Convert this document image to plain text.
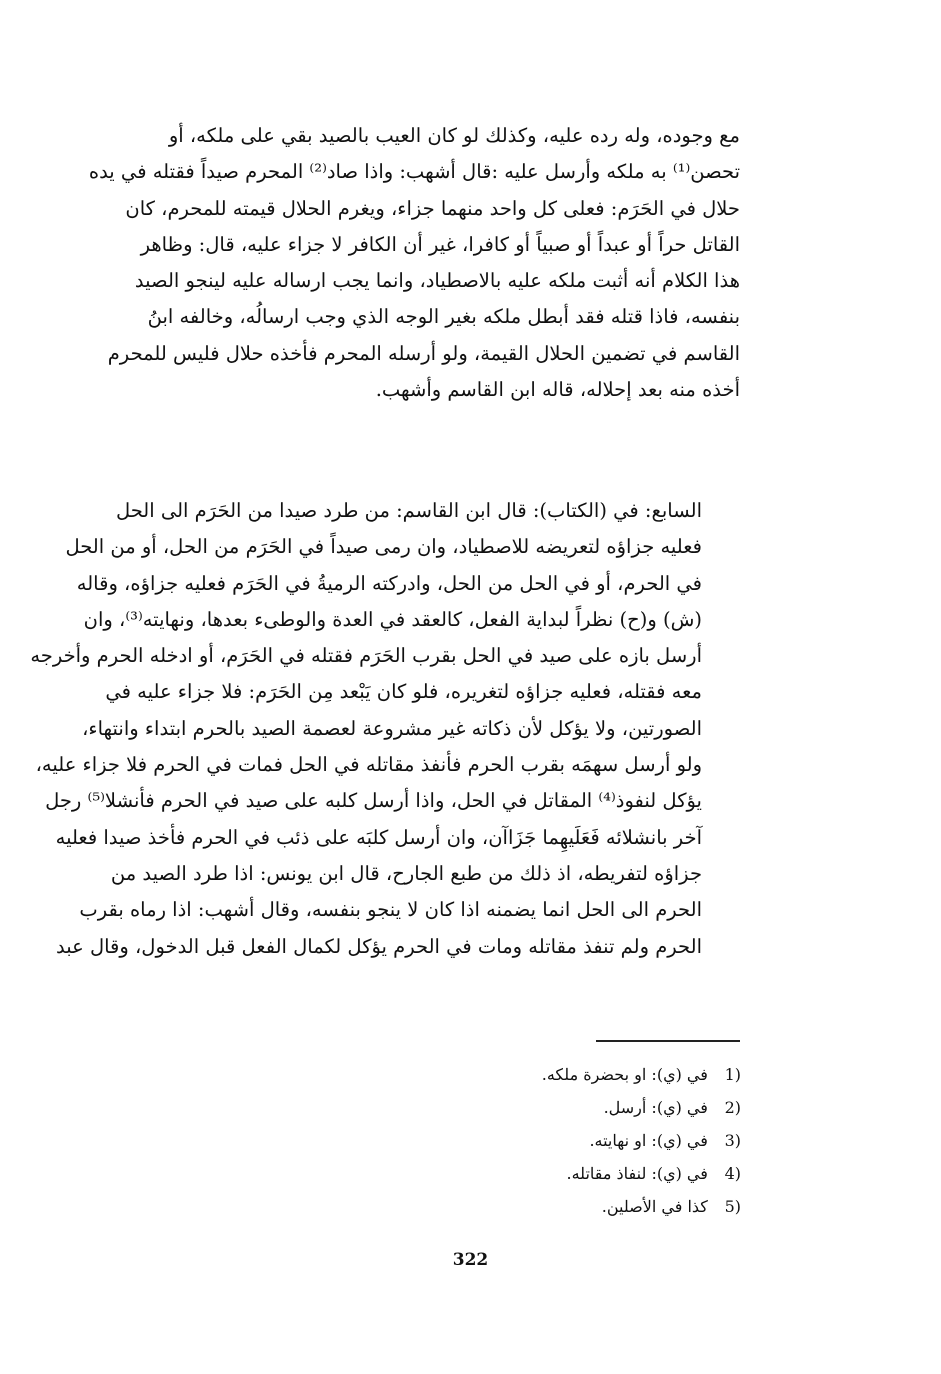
مع وجوده، وله رده عليه، وكذلك لو كان العيب بالصيد بقي على ملكه، أو
تحصن⁽¹⁾ به ملكه وأرسل عليه :قال أشهب: واذا صاد⁽²⁾ المحرم صيداً فقتله في يده
حلال في الحَرَم: فعلى كل واحد منهما جزاء، ويغرم الحلال قيمته للمحرم، كان
القاتل حراً أو عبداً أو صبياً أو كافرا، غير أن الكافر لا جزاء عليه، قال: وظاهر
هذا الكلام أنه أثبت ملكه عليه بالاصطياد، وانما يجب ارساله عليه لينجو الصيد
بنفسه، فاذا قتله فقد أبطل ملكه بغير الوجه الذي وجب ارسالُه، وخالفه ابنُ
القاسم في تضمين الحلال القيمة، ولو أرسله المحرم فأخذه حلال فليس للمحرم
أخذه منه بعد إحلاله، قاله ابن القاسم وأشهب.

السابع: في (الكتاب): قال ابن القاسم: من طرد صيدا من الحَرَم الى الحل
فعليه جزاؤه لتعريضه للاصطياد، وان رمى صيداً في الحَرَم من الحل، أو من الحل
في الحرم، أو في الحل من الحل، وادركته الرميةُ في الحَرَم فعليه جزاؤه، وقاله
(ش) و(ح) نظراً لبداية الفعل، كالعقد في العدة والوطىء بعدها، ونهايته⁽³⁾، وان
أرسل بازه على صيد في الحل بقرب الحَرَم فقتله في الحَرَم، أو ادخله الحرم وأخرجه
معه فقتله، فعليه جزاؤه لتغريره، فلو كان يَبْعد مِن الحَرَم: فلا جزاء عليه في
الصورتين، ولا يؤكل لأن ذكاته غير مشروعة لعصمة الصيد بالحرم ابتداء وانتهاء،
ولو أرسل سهمَه بقرب الحرم فأنفذ مقاتله في الحل فمات في الحرم فلا جزاء عليه،
يؤكل لنفوذ⁽⁴⁾ المقاتل في الحل، واذا أرسل كلبه على صيد في الحرم فأنشلا⁽⁵⁾ رجل
آخر بانشلائه فَعَلَيهِما جَزَاآن، وان أرسل كلبَه على ذئب في الحرم فأخذ صيدا فعليه
جزاؤه لتفريطه، اذ ذلك من طبع الجارح، قال ابن يونس: اذا طرد الصيد من
الحرم الى الحل انما يضمنه اذا كان لا ينجو بنفسه، وقال أشهب: اذا رماه بقرب
الحرم ولم تنفذ مقاتله ومات في الحرم يؤكل لكمال الفعل قبل الدخول، وقال عبد

1) في (ي): او بحضرة ملكه.
2) في (ي): أرسل.
3) في (ي): او نهايته.
4) في (ي): لنفاذ مقاتله.
5) كذا في الأصلين.
322
